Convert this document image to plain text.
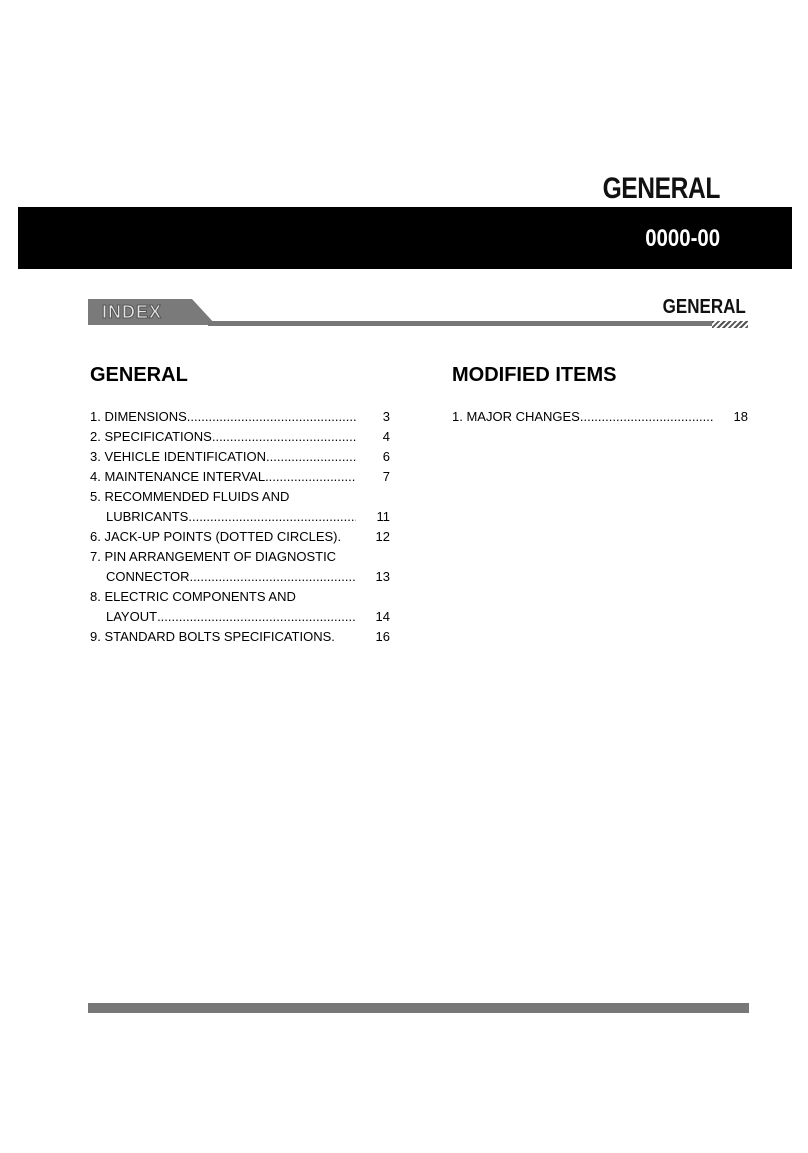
GENERAL
0000-00
INDEX	GENERAL
GENERAL
1. DIMENSIONS .....	3
2. SPECIFICATIONS .....	4
3. VEHICLE IDENTIFICATION .....	6
4. MAINTENANCE INTERVAL .....	7
5. RECOMMENDED FLUIDS AND
LUBRICANTS .....	11
6. JACK-UP POINTS (DOTTED CIRCLES).	12
7. PIN ARRANGEMENT OF DIAGNOSTIC
CONNECTOR .....	13
8. ELECTRIC COMPONENTS AND
LAYOUT .....	14
9. STANDARD BOLTS SPECIFICATIONS.	16
MODIFIED ITEMS
1. MAJOR CHANGES .....	18
